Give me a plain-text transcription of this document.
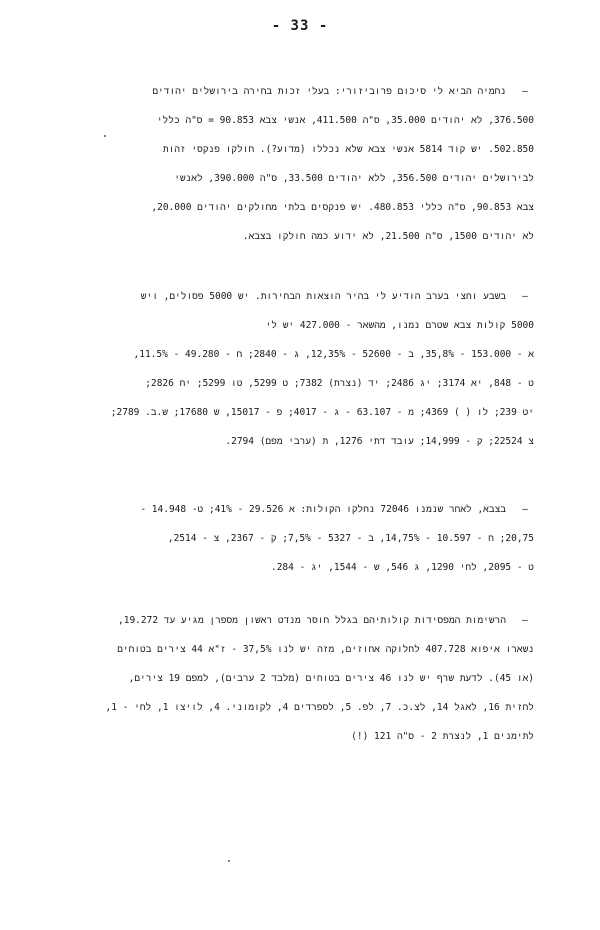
- 33 -
–נחמיה הביא לי סיכום פרוביזורי: בעלי זכות בחירה בירושלים יהודים
376.500, לא יהודים 35.000, ס"ה 411.500, אנשי צבא 90.853 = ס"ה כללי
502.850. יש קוד 5814 אנשי צבא שלא נכללו (מדוע?). חולקו פנקסי זהות
לבירושלים יהודים 356.500, ללא יהודים 33.500, ס"ה 390.000, לאנשי
צבא 90.853, ס"ה כללי 480.853. יש פנקסים בלתי מחולקים יהודים 20.000,
לא יהודים 1500, ס"ה 21.500, לא ידוע כמה חולקו בצבא.
–בשבע וחצי בערב הודיע לי בהיר הוצאות הבחירות. יש 5000 פסולים, ויש
5000 קולות צבא שטרם נמנו, מהשאר - 427.000 יש לי
א - 153.000 - 35,8%, ב - 52600 - 12,35%, ג - 2840; ח - 49.280 - 11.5%,
ט - 848, יא 3174; יג 2486; יד (נצרת) 7382; ט 5299, טו 5299; יח 2826;
יט 239; לו ( ) 4369; מ - 63.107 - ג - 4017; פ - 15017, ש 17680; ש.ב. 2789;
צ 22524; ק - 14,999; עובד דתי 1276, ת (ערבי מפם) 2794.
–בצבא, לאחר שנמנו 72046 נחלקו הקולות: א 29.526 - 41%; ט- 14.948 -
20,75; ח - 10.597 - 14,75%, ב - 5327 - 7,5%; ק - 2367, צ - 2514,
ט - 2095, לחי 1290, ג 546, ש - 1544, יג - 284.
–הרשימות המפסידות קולותיהם בגלל חוסר מנדט ראשון מספרן מגיע עד 19.272,
נשארו איפוא 407.728 לחלוקה אחוזים, מזה יש לנו 37,5% - ז"א 44 צירים בטוחים
(או 45). לדעת שרף יש לנו 46 צירים בטוחים (מלבד 2 ערבים), למפם 19 צירים,
לחזית 16, לאגל 14, לצ.כ. 7, לפ. 5, לספרדים 4, לקומוני. 4, לויצו 1, לחי - 1,
לתימנים 1, לנצרת 2 - ס"ה 121 (!)
